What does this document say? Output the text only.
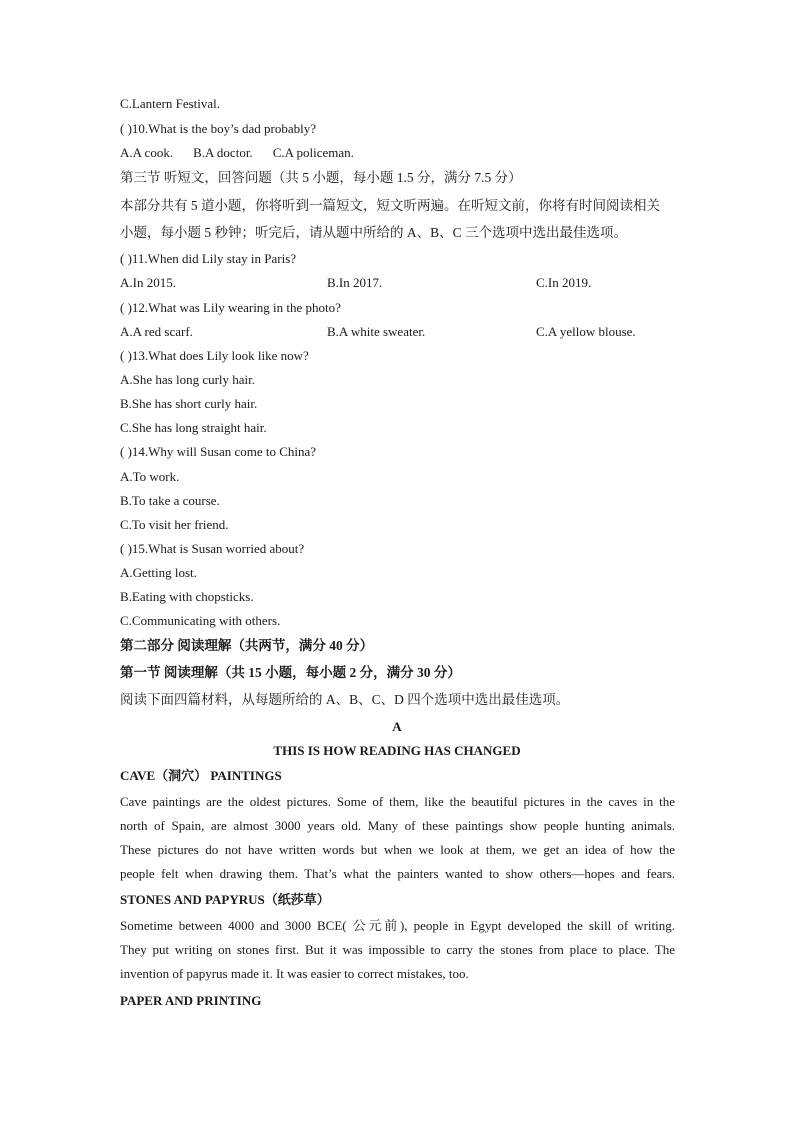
C.Lantern Festival.
( )10.What is the boy’s dad probably?
A.A cook. B.A doctor. C.A policeman.
第三节 听短文，回答问题（共 5 小题，每小题 1.5 分，满分 7.5 分）
本部分共有 5 道小题，你将听到一篇短文，短文听两遍。在听短文前，你将有时间阅读相关
小题，每小题 5 秒钟；听完后，请从题中所给的 A、B、C 三个选项中选出最佳选项。
( )11.When did Lily stay in Paris?
A.In 2015.	B.In 2017.	C.In 2019.
( )12.What was Lily wearing in the photo?
A.A red scarf.	B.A white sweater.	C.A yellow blouse.
( )13.What does Lily look like now?
A.She has long curly hair.
B.She has short curly hair.
C.She has long straight hair.
( )14.Why will Susan come to China?
A.To work.
B.To take a course.
C.To visit her friend.
( )15.What is Susan worried about?
A.Getting lost.
B.Eating with chopsticks.
C.Communicating with others.
第二部分 阅读理解（共两节，满分 40 分）
第一节 阅读理解（共 15 小题，每小题 2 分，满分 30 分）
阅读下面四篇材料，从每题所给的 A、B、C、D 四个选项中选出最佳选项。
A
THIS IS HOW READING HAS CHANGED
CAVE（洞穴） PAINTINGS
Cave paintings are the oldest pictures. Some of them, like the beautiful pictures in the caves in the
north of Spain, are almost 3000 years old. Many of these paintings show people hunting animals.
These pictures do not have written words but when we look at them, we get an idea of how the
people felt when drawing them. That’s what the painters wanted to show others—hopes and fears.
STONES AND PAPYRUS（纸莎草）
Sometime between 4000 and 3000 BCE( 公元前), people in Egypt developed the skill of writing.
They put writing on stones first. But it was impossible to carry the stones from place to place. The
invention of papyrus made it. It was easier to correct mistakes, too.
PAPER AND PRINTING
